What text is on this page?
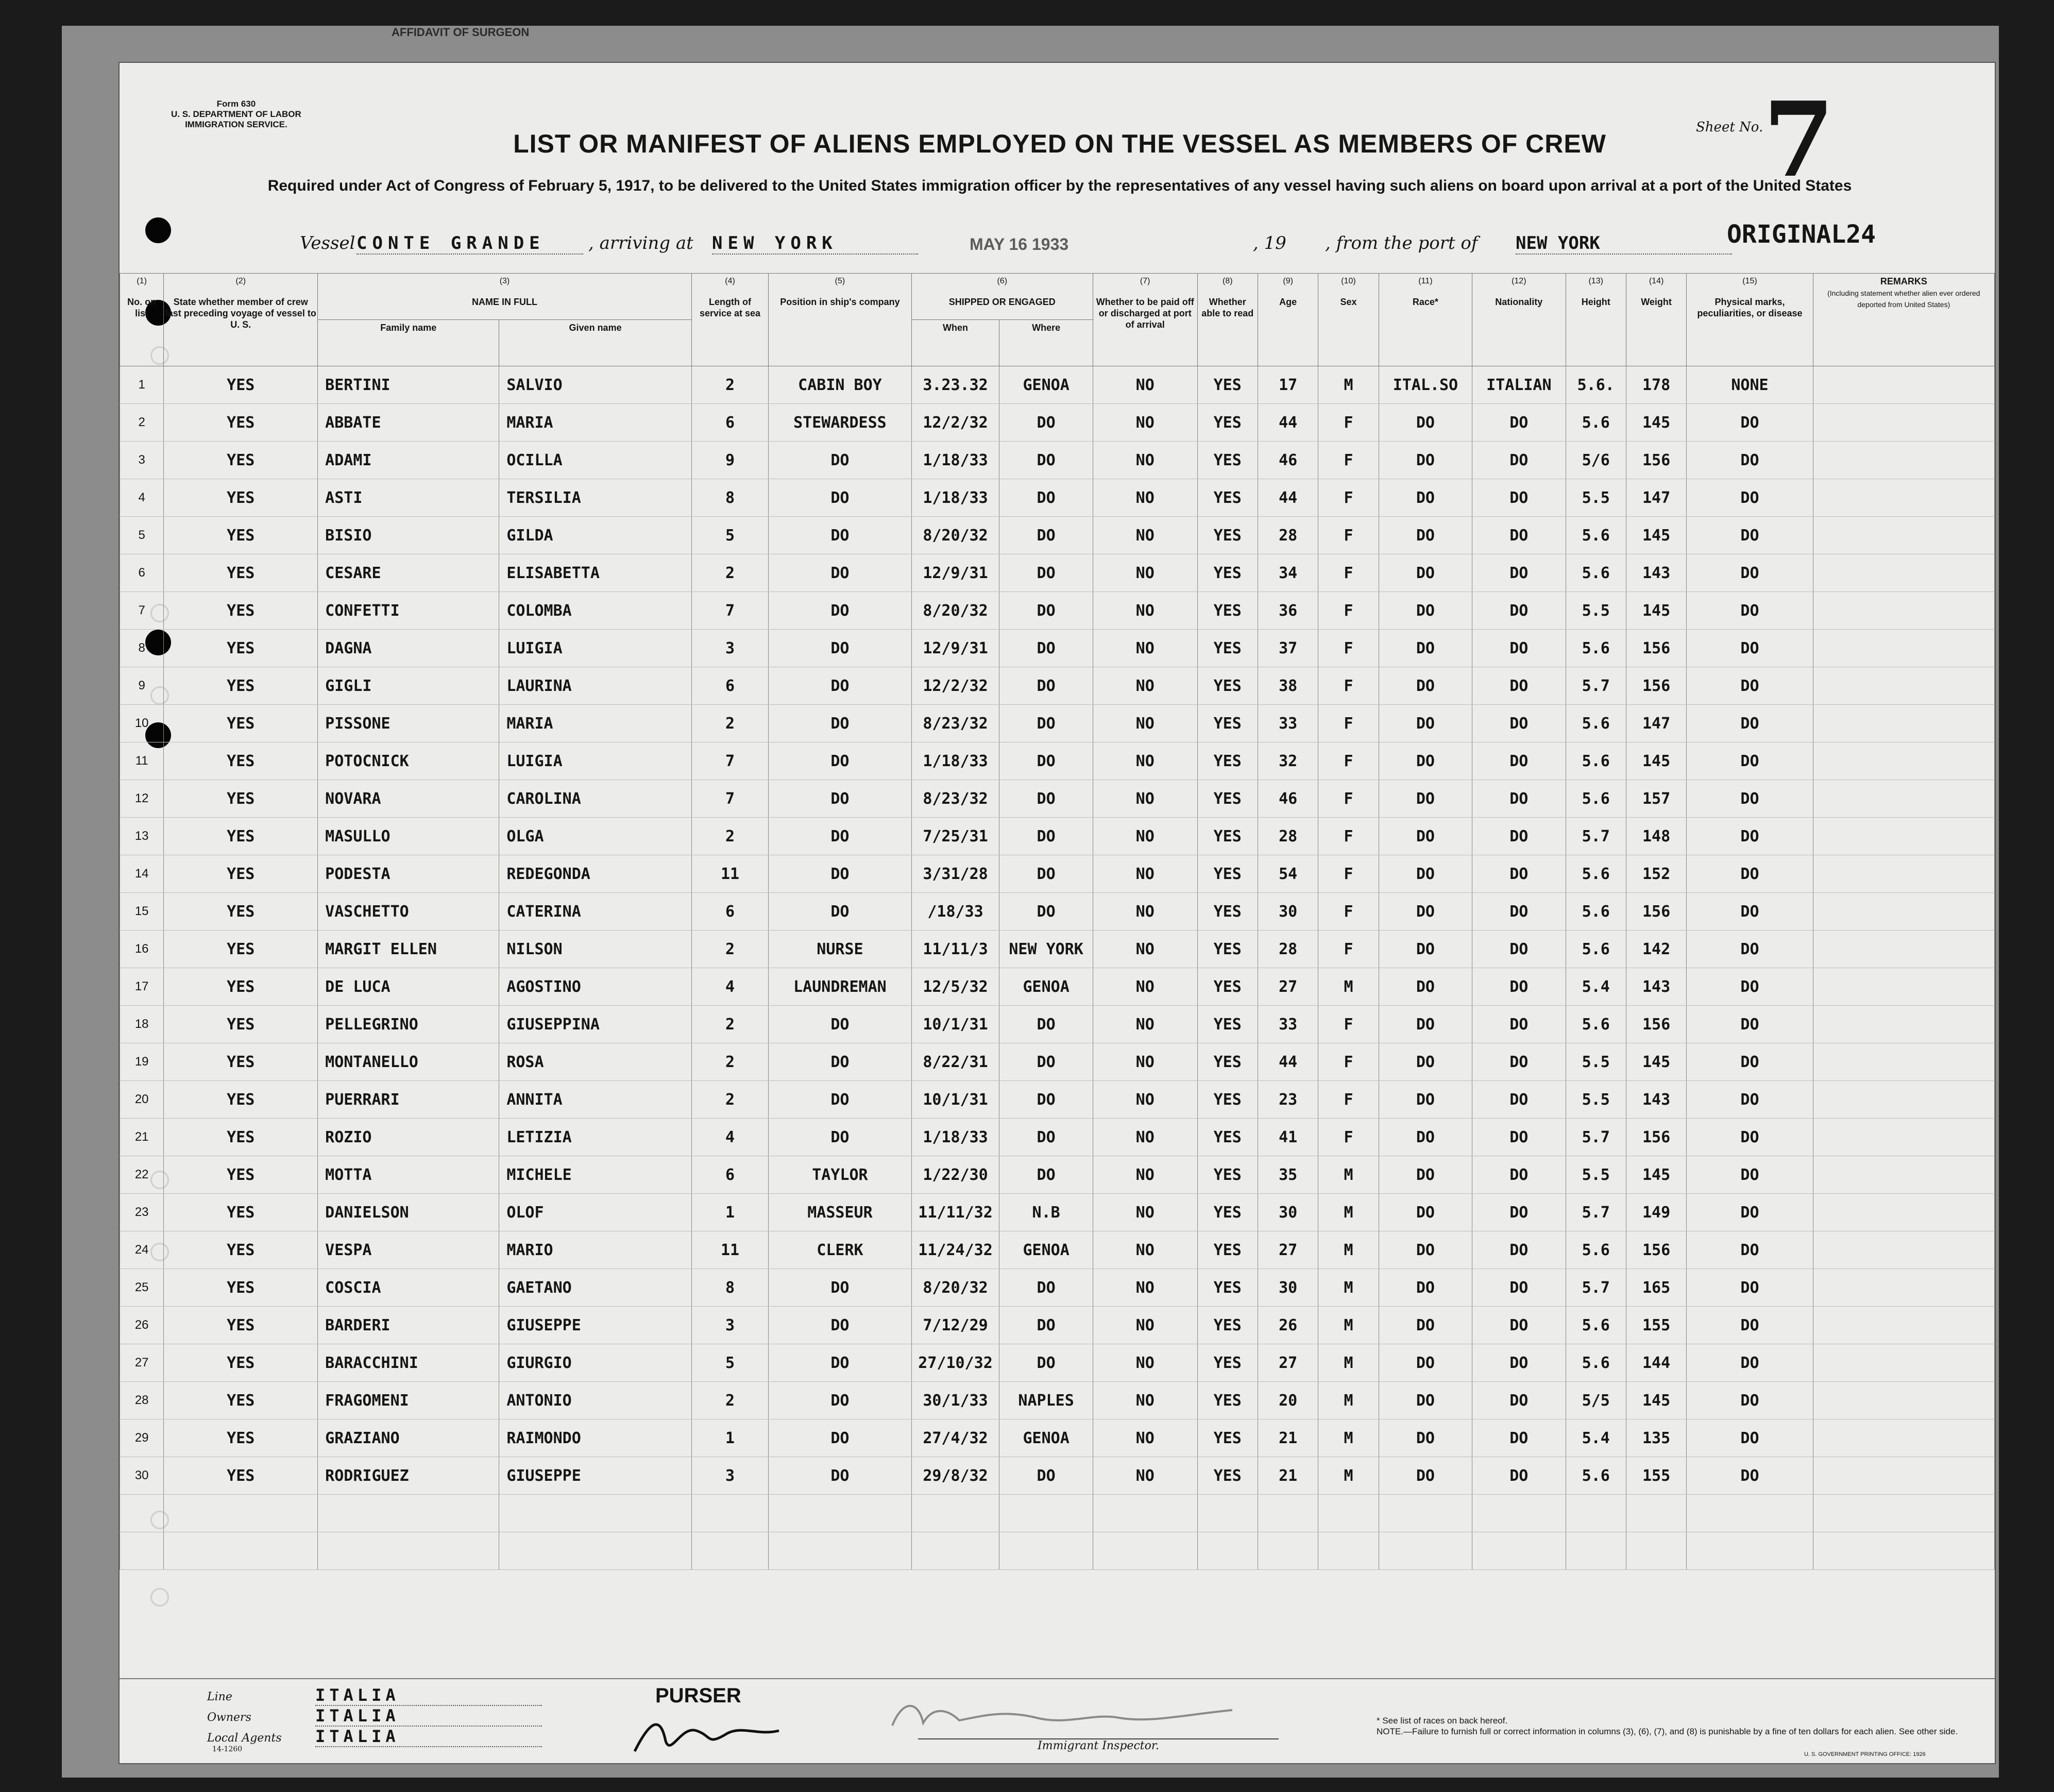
AFFIDAVIT OF SURGEON
Form 630
U. S. DEPARTMENT OF LABOR
IMMIGRATION SERVICE.
LIST OR MANIFEST OF ALIENS EMPLOYED ON THE VESSEL AS MEMBERS OF CREW
Required under Act of Congress of February 5, 1917, to be delivered to the United States immigration officer by the representatives of any vessel having such aliens on board upon arrival at a port of the United States
Sheet No. 7
ORIGINAL24
Vessel CONTE GRANDE	, arriving at NEW YORK	MAY 16 1933	, 19 , from the port of NEW YORK
(1)
No. on list	(2)
State whether member of crew last preceding voyage of vessel to U. S.	(3)
NAME IN FULL		(4)
Length of service at sea	(5)
Position in ship's company	(6)
SHIPPED OR ENGAGED		(7)
Whether to be paid off or discharged at port of arrival	(8)
Whether able to read	(9)
Age	(10)
Sex	(11)
Race*	(12)
Nationality	(13)
Height	(14)
Weight	(15)
Physical marks, peculiarities, or disease	REMARKS
(Including statement whether alien ever ordered deported from United States)
		Family name	Given name			When	Where										
1	YES	BERTINI	SALVIO	2	CABIN BOY	3.23.32	GENOA	NO	YES	17	M	ITAL.SO	ITALIAN	5.6.	178	NONE	
2	YES	ABBATE	MARIA	6	STEWARDESS	12/2/32	DO	NO	YES	44	F	DO	DO	5.6	145	DO	
3	YES	ADAMI	OCILLA	9	DO	1/18/33	DO	NO	YES	46	F	DO	DO	5/6	156	DO	
4	YES	ASTI	TERSILIA	8	DO	1/18/33	DO	NO	YES	44	F	DO	DO	5.5	147	DO	
5	YES	BISIO	GILDA	5	DO	8/20/32	DO	NO	YES	28	F	DO	DO	5.6	145	DO	
6	YES	CESARE	ELISABETTA	2	DO	12/9/31	DO	NO	YES	34	F	DO	DO	5.6	143	DO	
7	YES	CONFETTI	COLOMBA	7	DO	8/20/32	DO	NO	YES	36	F	DO	DO	5.5	145	DO	
8	YES	DAGNA	LUIGIA	3	DO	12/9/31	DO	NO	YES	37	F	DO	DO	5.6	156	DO	
9	YES	GIGLI	LAURINA	6	DO	12/2/32	DO	NO	YES	38	F	DO	DO	5.7	156	DO	
10	YES	PISSONE	MARIA	2	DO	8/23/32	DO	NO	YES	33	F	DO	DO	5.6	147	DO	
11	YES	POTOCNICK	LUIGIA	7	DO	1/18/33	DO	NO	YES	32	F	DO	DO	5.6	145	DO	
12	YES	NOVARA	CAROLINA	7	DO	8/23/32	DO	NO	YES	46	F	DO	DO	5.6	157	DO	
13	YES	MASULLO	OLGA	2	DO	7/25/31	DO	NO	YES	28	F	DO	DO	5.7	148	DO	
14	YES	PODESTA	REDEGONDA	11	DO	3/31/28	DO	NO	YES	54	F	DO	DO	5.6	152	DO	
15	YES	VASCHETTO	CATERINA	6	DO	/18/33	DO	NO	YES	30	F	DO	DO	5.6	156	DO	
16	YES	MARGIT ELLEN	NILSON	2	NURSE	11/11/3	NEW YORK	NO	YES	28	F	DO	DO	5.6	142	DO	
17	YES	DE LUCA	AGOSTINO	4	LAUNDREMAN	12/5/32	GENOA	NO	YES	27	M	DO	DO	5.4	143	DO	
18	YES	PELLEGRINO	GIUSEPPINA	2	DO	10/1/31	DO	NO	YES	33	F	DO	DO	5.6	156	DO	
19	YES	MONTANELLO	ROSA	2	DO	8/22/31	DO	NO	YES	44	F	DO	DO	5.5	145	DO	
20	YES	PUERRARI	ANNITA	2	DO	10/1/31	DO	NO	YES	23	F	DO	DO	5.5	143	DO	
21	YES	ROZIO	LETIZIA	4	DO	1/18/33	DO	NO	YES	41	F	DO	DO	5.7	156	DO	
22	YES	MOTTA	MICHELE	6	TAYLOR	1/22/30	DO	NO	YES	35	M	DO	DO	5.5	145	DO	
23	YES	DANIELSON	OLOF	1	MASSEUR	11/11/32	N.B	NO	YES	30	M	DO	DO	5.7	149	DO	
24	YES	VESPA	MARIO	11	CLERK	11/24/32	GENOA	NO	YES	27	M	DO	DO	5.6	156	DO	
25	YES	COSCIA	GAETANO	8	DO	8/20/32	DO	NO	YES	30	M	DO	DO	5.7	165	DO	
26	YES	BARDERI	GIUSEPPE	3	DO	7/12/29	DO	NO	YES	26	M	DO	DO	5.6	155	DO	
27	YES	BARACCHINI	GIURGIO	5	DO	27/10/32	DO	NO	YES	27	M	DO	DO	5.6	144	DO	
28	YES	FRAGOMENI	ANTONIO	2	DO	30/1/33	NAPLES	NO	YES	20	M	DO	DO	5/5	145	DO	
29	YES	GRAZIANO	RAIMONDO	1	DO	27/4/32	GENOA	NO	YES	21	M	DO	DO	5.4	135	DO	
30	YES	RODRIGUEZ	GIUSEPPE	3	DO	29/8/32	DO	NO	YES	21	M	DO	DO	5.6	155	DO	

Line	ITALIA
Owners	ITALIA
Local Agents ITALIA
14-1260
PURSER
Immigrant Inspector.
* See list of races on back hereof.
NOTE.—Failure to furnish full or correct information in columns (3), (6), (7), and (8) is punishable by a fine of ten dollars for each alien. See other side.
U. S. GOVERNMENT PRINTING OFFICE: 1926
